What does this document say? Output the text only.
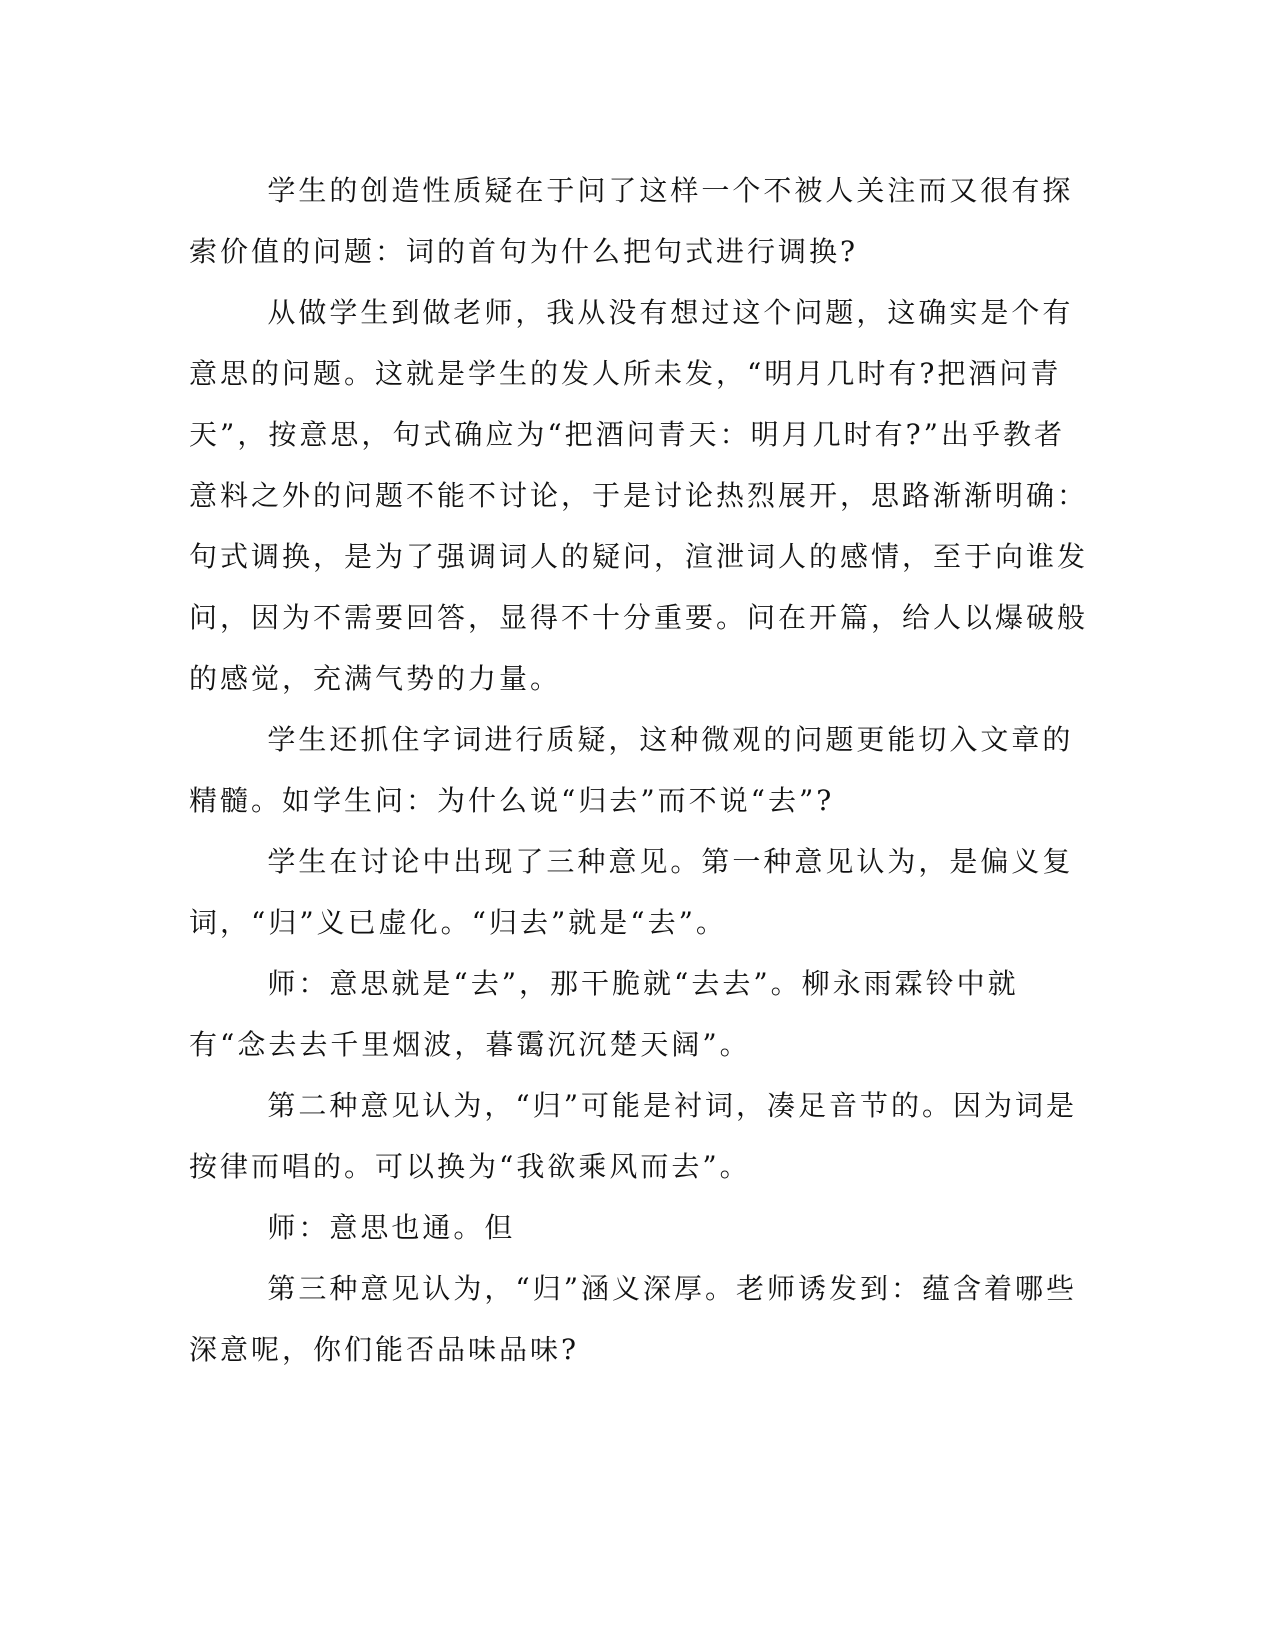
学生的创造性质疑在于问了这样一个不被人关注而又很有探索价值的问题：词的首句为什么把句式进行调换?

从做学生到做老师，我从没有想过这个问题，这确实是个有意思的问题。这就是学生的发人所未发，“明月几时有?把酒问青天”，按意思，句式确应为“把酒问青天：明月几时有?”出乎教者意料之外的问题不能不讨论，于是讨论热烈展开，思路渐渐明确：句式调换，是为了强调词人的疑问，渲泄词人的感情，至于向谁发问，因为不需要回答，显得不十分重要。问在开篇，给人以爆破般的感觉，充满气势的力量。

学生还抓住字词进行质疑，这种微观的问题更能切入文章的精髓。如学生问：为什么说“归去”而不说“去”?

学生在讨论中出现了三种意见。第一种意见认为，是偏义复词，“归”义已虚化。“归去”就是“去”。

师：意思就是“去”，那干脆就“去去”。柳永雨霖铃中就有“念去去千里烟波，暮霭沉沉楚天阔”。

第二种意见认为，“归”可能是衬词，凑足音节的。因为词是按律而唱的。可以换为“我欲乘风而去”。

师：意思也通。但

第三种意见认为，“归”涵义深厚。老师诱发到：蕴含着哪些深意呢，你们能否品味品味?
